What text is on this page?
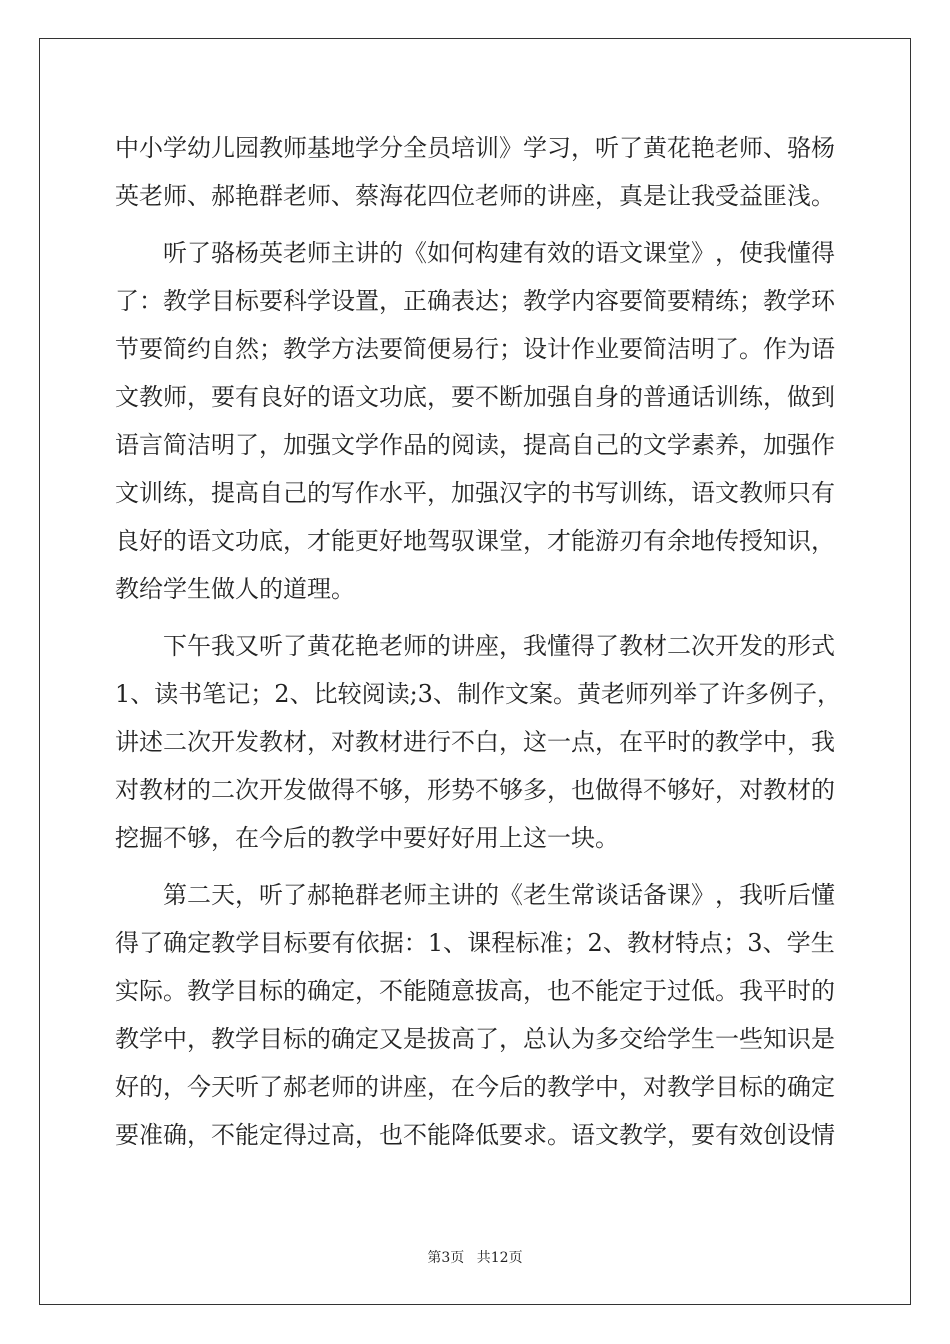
中 小 学 幼 儿 园 教 师 基 地 学 分 全 员 培 训 》 学 习 ， 听 了 黄 花 艳 老 师 、 骆 杨
英老师、郝艳群老师、蔡海花四位老师的讲座，真是让我受益匪浅。

听 了 骆 杨 英 老 师 主 讲 的 《 如 何 构 建 有 效 的 语 文 课 堂 》 ， 使 我 懂 得
了 ： 教 学 目 标 要 科 学 设 置 ， 正 确 表 达 ； 教 学 内 容 要 简 要 精 练 ； 教 学 环
节 要 简 约 自 然 ； 教 学 方 法 要 简 便 易 行 ； 设 计 作 业 要 简 洁 明 了 。 作 为 语
文 教 师 ， 要 有 良 好 的 语 文 功 底 ， 要 不 断 加 强 自 身 的 普 通 话 训 练 ， 做 到
语 言 简 洁 明 了 ， 加 强 文 学 作 品 的 阅 读 ， 提 高 自 己 的 文 学 素 养 ， 加 强 作
文 训 练 ， 提 高 自 己 的 写 作 水 平 ， 加 强 汉 字 的 书 写 训 练 ， 语 文 教 师 只 有
良 好 的 语 文 功 底 ， 才 能 更 好 地 驾 驭 课 堂 ， 才 能 游 刃 有 余 地 传 授 知 识 ，
教给学生做人的道理。

下 午 我 又 听 了 黄 花 艳 老 师 的 讲 座 ， 我 懂 得 了 教 材 二 次 开 发 的 形 式
1 、 读 书 笔 记 ； 2 、 比 较 阅 读 ; 3 、 制 作 文 案 。 黄 老 师 列 举 了 许 多 例 子 ，
讲 述 二 次 开 发 教 材 ， 对 教 材 进 行 不 白 ， 这 一 点 ， 在 平 时 的 教 学 中 ， 我
对 教 材 的 二 次 开 发 做 得 不 够 ， 形 势 不 够 多 ， 也 做 得 不 够 好 ， 对 教 材 的
挖掘不够，在今后的教学中要好好用上这一块。

第 二 天 ， 听 了 郝 艳 群 老 师 主 讲 的 《 老 生 常 谈 话 备 课 》 ， 我 听 后 懂
得 了 确 定 教 学 目 标 要 有 依 据 ： 1 、 课 程 标 准 ； 2 、 教 材 特 点 ； 3 、 学 生
实 际 。 教 学 目 标 的 确 定 ， 不 能 随 意 拔 高 ， 也 不 能 定 于 过 低 。 我 平 时 的
教 学 中 ， 教 学 目 标 的 确 定 又 是 拔 高 了 ， 总 认 为 多 交 给 学 生 一 些 知 识 是
好 的 ， 今 天 听 了 郝 老 师 的 讲 座 ， 在 今 后 的 教 学 中 ， 对 教 学 目 标 的 确 定
要准确，不能定得过高，也不能降低要求。语文教学，要有效创设情
第3页 共12页
